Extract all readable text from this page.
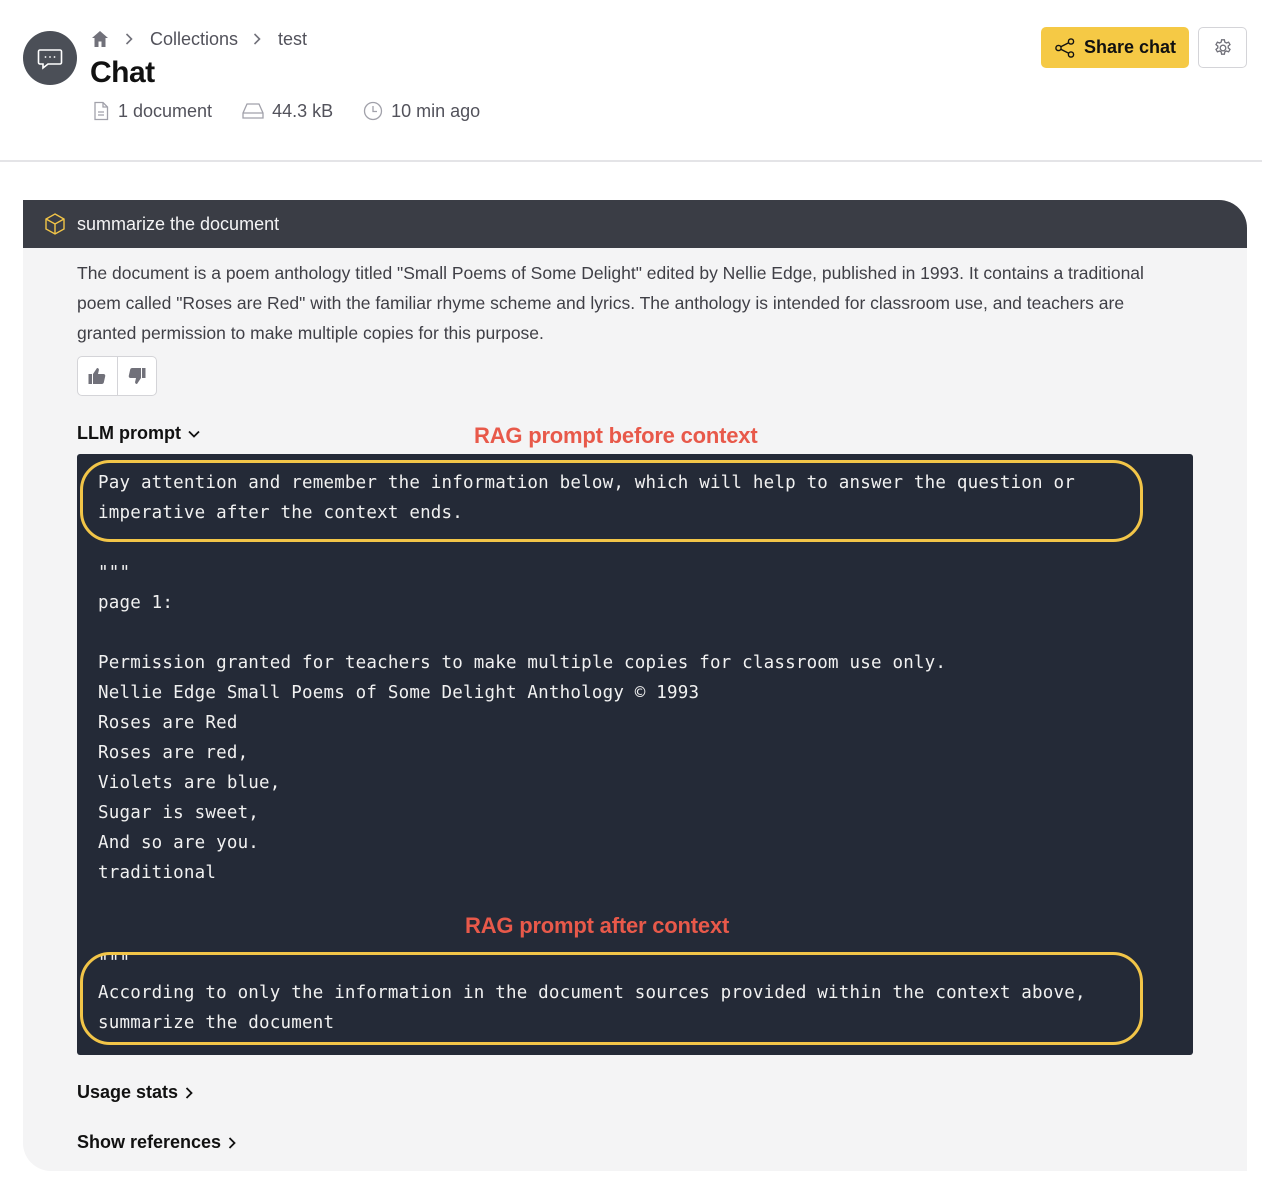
Collections test
Chat
1 document	44.3 kB	10 min ago
Share chat
summarize the document
The document is a poem anthology titled "Small Poems of Some Delight" edited by Nellie Edge, published in 1993. It contains a traditional poem called "Roses are Red" with the familiar rhyme scheme and lyrics. The anthology is intended for classroom use, and teachers are granted permission to make multiple copies for this purpose.
LLM prompt
Pay attention and remember the information below, which will help to answer the question or
imperative after the context ends.
"""
page 1:
Permission granted for teachers to make multiple copies for classroom use only.
Nellie Edge Small Poems of Some Delight Anthology © 1993
Roses are Red
Roses are red,
Violets are blue,
Sugar is sweet,
And so are you.
traditional
"""
According to only the information in the document sources provided within the context above,
summarize the document
Usage stats
Show references
RAG prompt before context
RAG prompt after context
